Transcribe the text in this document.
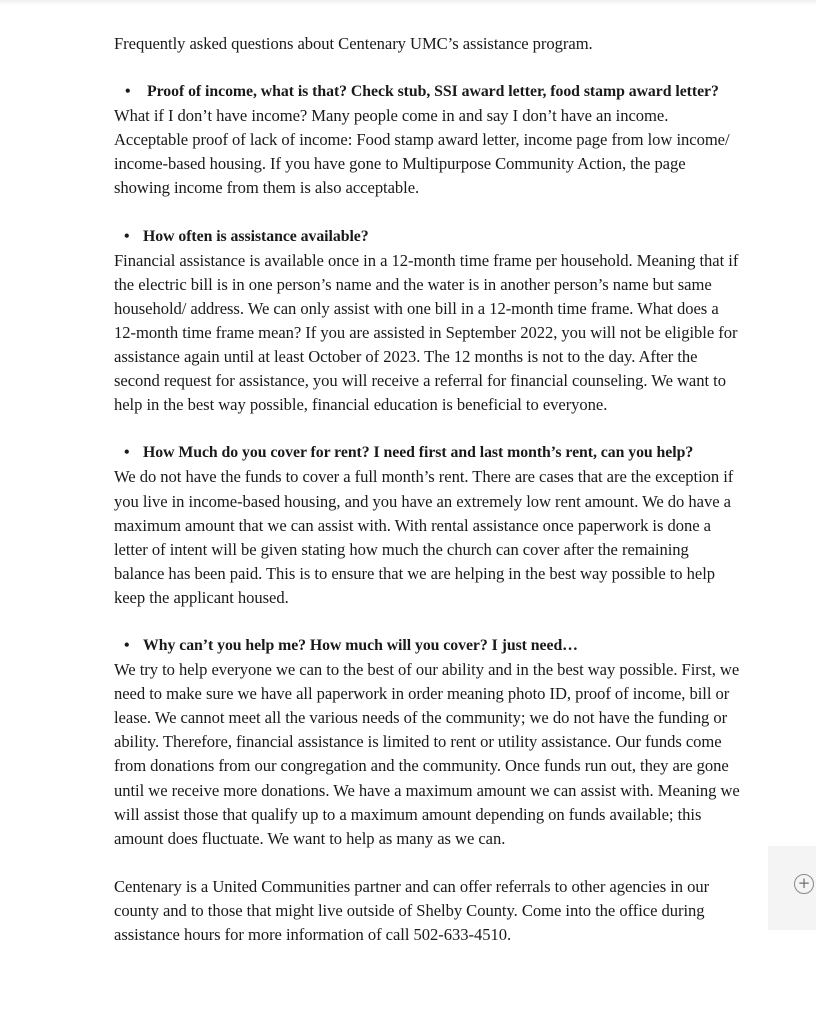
Frequently asked questions about Centenary UMC’s assistance program.

• Proof of income, what is that? Check stub, SSI award letter, food stamp award letter?

What if I don’t have income? Many people come in and say I don’t have an income. Acceptable proof of lack of income: Food stamp award letter, income page from low income/ income-based housing. If you have gone to Multipurpose Community Action, the page showing income from them is also acceptable.

• How often is assistance available?

Financial assistance is available once in a 12-month time frame per household. Meaning that if the electric bill is in one person’s name and the water is in another person’s name but same household/ address. We can only assist with one bill in a 12-month time frame. What does a 12-month time frame mean? If you are assisted in September 2022, you will not be eligible for assistance again until at least October of 2023. The 12 months is not to the day. After the second request for assistance, you will receive a referral for financial counseling. We want to help in the best way possible, financial education is beneficial to everyone.

• How Much do you cover for rent? I need first and last month’s rent, can you help?

We do not have the funds to cover a full month’s rent. There are cases that are the exception if you live in income-based housing, and you have an extremely low rent amount. We do have a maximum amount that we can assist with. With rental assistance once paperwork is done a letter of intent will be given stating how much the church can cover after the remaining balance has been paid. This is to ensure that we are helping in the best way possible to help keep the applicant housed.

• Why can’t you help me? How much will you cover? I just need…

We try to help everyone we can to the best of our ability and in the best way possible. First, we need to make sure we have all paperwork in order meaning photo ID, proof of income, bill or lease. We cannot meet all the various needs of the community; we do not have the funding or ability. Therefore, financial assistance is limited to rent or utility assistance. Our funds come from donations from our congregation and the community. Once funds run out, they are gone until we receive more donations. We have a maximum amount we can assist with. Meaning we will assist those that qualify up to a maximum amount depending on funds available; this amount does fluctuate. We want to help as many as we can.

Centenary is a United Communities partner and can offer referrals to other agencies in our county and to those that might live outside of Shelby County. Come into the office during assistance hours for more information of call 502-633-4510.

+
